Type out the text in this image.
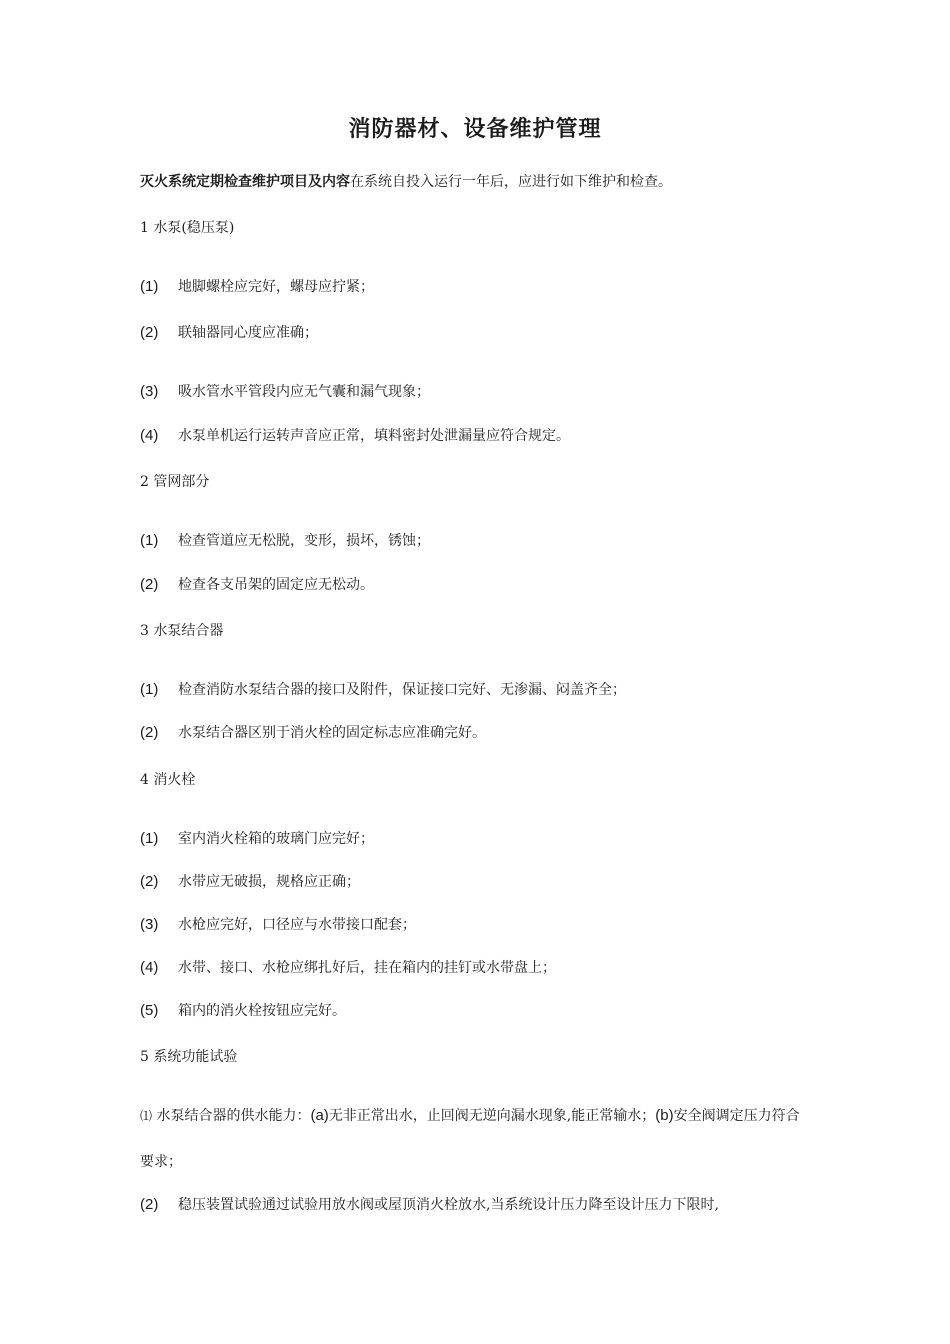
消防器材、设备维护管理
灭火系统定期检查维护项目及内容在系统自投入运行一年后，应进行如下维护和检查。
1 水泵(稳压泵)
(1) 地脚螺栓应完好，螺母应拧紧；
(2) 联轴器同心度应准确；
(3) 吸水管水平管段内应无气囊和漏气现象；
(4) 水泵单机运行运转声音应正常，填料密封处泄漏量应符合规定。
2 管网部分
(1) 检查管道应无松脱，变形，损坏，锈蚀；
(2) 检查各支吊架的固定应无松动。
3 水泵结合器
(1) 检查消防水泵结合器的接口及附件，保证接口完好、无渗漏、闷盖齐全；
(2) 水泵结合器区别于消火栓的固定标志应准确完好。
4 消火栓
(1) 室内消火栓箱的玻璃门应完好；
(2) 水带应无破损，规格应正确；
(3) 水枪应完好，口径应与水带接口配套；
(4) 水带、接口、水枪应绑扎好后，挂在箱内的挂钉或水带盘上；
(5) 箱内的消火栓按钮应完好。
5 系统功能试验
⑴ 水泵结合器的供水能力：(a)无非正常出水，止回阀无逆向漏水现象,能正常输水；(b)安全阀调定压力符合要求；
(2) 稳压装置试验通过试验用放水阀或屋顶消火栓放水,当系统设计压力降至设计压力下限时,
